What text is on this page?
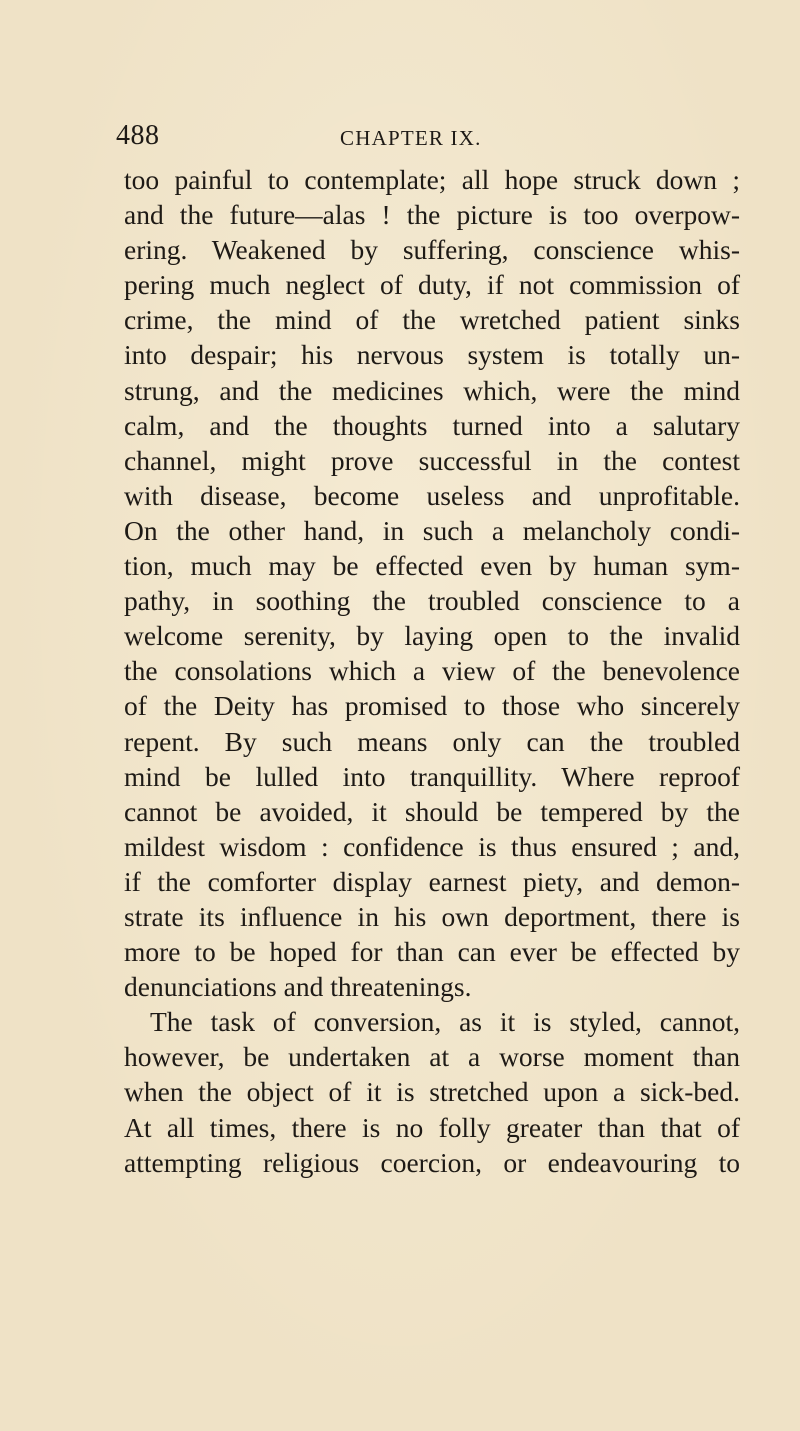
488	CHAPTER IX.
too painful to contemplate; all hope struck down ;
and the future—alas ! the picture is too overpow-
ering. Weakened by suffering, conscience whis-
pering much neglect of duty, if not commission of
crime, the mind of the wretched patient sinks
into despair; his nervous system is totally un-
strung, and the medicines which, were the mind
calm, and the thoughts turned into a salutary
channel, might prove successful in the contest
with disease, become useless and unprofitable.
On the other hand, in such a melancholy condi-
tion, much may be effected even by human sym-
pathy, in soothing the troubled conscience to a
welcome serenity, by laying open to the invalid
the consolations which a view of the benevolence
of the Deity has promised to those who sincerely
repent. By such means only can the troubled
mind be lulled into tranquillity. Where reproof
cannot be avoided, it should be tempered by the
mildest wisdom : confidence is thus ensured ; and,
if the comforter display earnest piety, and demon-
strate its influence in his own deportment, there is
more to be hoped for than can ever be effected by
denunciations and threatenings.
The task of conversion, as it is styled, cannot,
however, be undertaken at a worse moment than
when the object of it is stretched upon a sick-bed.
At all times, there is no folly greater than that of
attempting religious coercion, or endeavouring to
